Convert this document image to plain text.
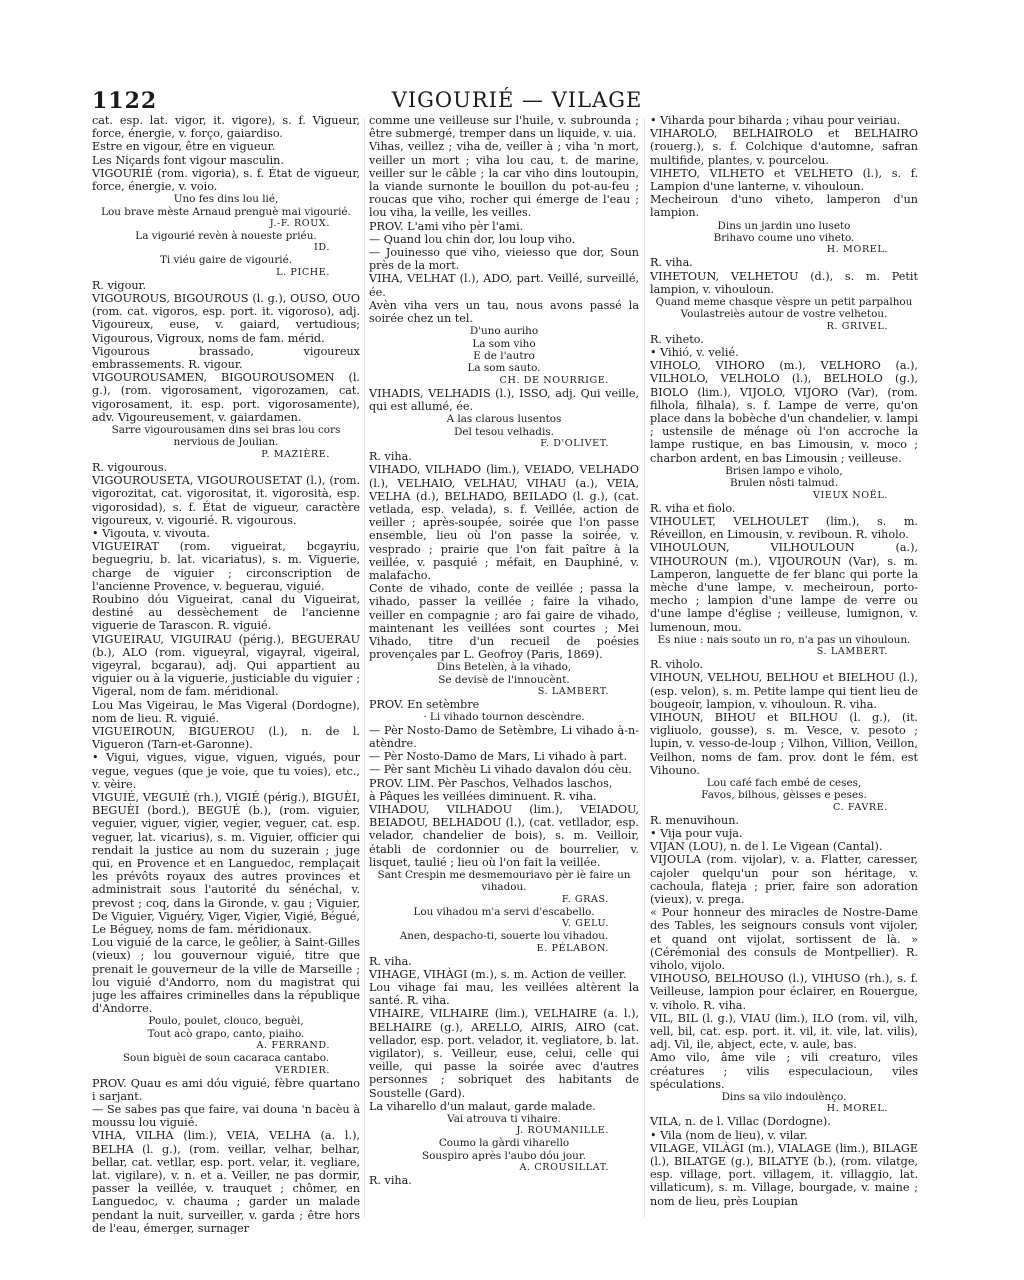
1122	VIGOURIÉ — VILAGE

cat. esp. lat. vigor, it. vigore), s. f. Vigueur, force, énergie, v. forço, gaiardiso.

Estre en vigour, être en vigueur.

Les Niçards font vigour masculin.

VIGOURIÉ (rom. vigoria), s. f. État de vigueur, force, énergie, v. voio.

Uno fes dins lou lié,

Lou brave mèste Arnaud prenguè mai vigourié.

J.-F. ROUX.

La vigourié revèn à noueste priéu.

ID.

Ti viéu gaire de vigourié.

L. PICHE.

R. vigour.

VIGOUROUS, BIGOUROUS (l. g.), OUSO, OUO (rom. cat. vigoros, esp. port. it. vigoroso), adj. Vigoureux, euse, v. gaiard, vertudious; Vigourous, Vigroux, noms de fam. mérid.

Vigourous brassado, vigoureux embrassements. R. vigour.

VIGOUROUSAMEN, BIGOUROUSOMEN (l. g.), (rom. vigorosament, vigorozamen, cat. vigorosament, it. esp. port. vigorosamente), adv. Vigoureusement, v. gaiardamen.

Sarre vigourousamen dins sei bras lou cors nervious de Joulian.

P. MAZIÈRE.

R. vigourous.

VIGOUROUSETA, VIGOUROUSETAT (l.), (rom. vigorozitat, cat. vigorositat, it. vigorosità, esp. vigorosidad), s. f. État de vigueur, caractère vigoureux, v. vigourié. R. vigourous.

• Vigouta, v. vivouta.

VIGUEIRAT (rom. vigueirat, bcgayriu, beguegriu, b. lat. vicariatus), s. m. Viguerie, charge de viguier ; circonscription de l'ancienne Provence, v. beguerau, viguié.

Roubino dóu Vigueirat, canal du Vigueirat, destiné au dessèchement de l'ancienne viguerie de Tarascon. R. viguié.

VIGUEIRAU, VIGUIRAU (périg.), BEGUERAU (b.), ALO (rom. vigueyral, vigayral, vigeiral, vigeyral, bcgarau), adj. Qui appartient au viguier ou à la viguerie, justiciable du viguier ; Vigeral, nom de fam. méridional.

Lou Mas Vigeirau, le Mas Vigeral (Dordogne), nom de lieu. R. viguié.

VIGUEIROUN, BIGUEROU (l.), n. de l. Vigueron (Tarn-et-Garonne).

• Vigui, vigues, vigue, viguen, vigués, pour vegue, vegues (que je voie, que tu voies), etc., v. vèire.

VIGUIÉ, VEGUIÉ (rh.), VIGIÉ (périg.), BIGUÈI, BEGUÈI (bord.), BEGUÉ (b.), (rom. viguier, veguier, viguer, vigier, vegier, veguer, cat. esp. veguer, lat. vicarius), s. m. Viguier, officier qui rendait la justice au nom du suzerain ; juge qui, en Provence et en Languedoc, remplaçait les prévôts royaux des autres provinces et administrait sous l'autorité du sénéchal, v. prevost ; coq, dans la Gironde, v. gau ; Viguier, De Viguier, Viguéry, Viger, Vigier, Vigié, Bégué, Le Béguey, noms de fam. méridionaux.

Lou viguié de la carce, le geôlier, à Saint-Gilles (vieux) ; lou gouvernour viguié, titre que prenait le gouverneur de la ville de Marseille ; lou viguié d'Andorro, nom du magistrat qui juge les affaires criminelles dans la république d'Andorre.

Poulo, poulet, clouco, beguèi,

Tout acò grapo, canto, piaiho.

A. FERRAND.

Soun biguèi de soun cacaraca cantabo.

VERDIER.

PROV. Quau es ami dóu viguié, fèbre quartano i sarjant.

— Se sabes pas que faire, vai douna 'n bacèu à moussu lou viguié.

VIHA, VILHA (lim.), VEIA, VELHA (a. l.), BELHA (l. g.), (rom. veillar, velhar, belhar, bellar, cat. vetllar, esp. port. velar, it. vegliare, lat. vigilare), v. n. et a. Veiller, ne pas dormir, passer la veillée, v. trauquet ; chômer, en Languedoc, v. chauma ; garder un malade pendant la nuit, surveiller, v. gardа ; être hors de l'eau, émerger, surnager

comme une veilleuse sur l'huile, v. subroundа ; être submergé, tremper dans un liquide, v. uia.

Vihas, veillez ; viha de, veiller à ; viha 'n mort, veiller un mort ; viha lou cau, t. de marine, veiller sur le câble ; la car viho dins loutoupin, la viande surnonte le bouillon du pot-au-feu ; roucas que viho, rocher qui émerge de l'eau ; lou viha, la veille, les veilles.

PROV. L'ami viho pèr l'ami.

— Quand lou chin dor, lou loup viho.

— Jouinesso que viho, vieiesso que dor, Soun près de la mort.

VIHA, VELHAT (l.), ADO, part. Veillé, surveillé, ée.

Avèn viha vers un tau, nous avons passé la soirée chez un tel.

D'uno auriho

La som viho

E de l'autro

La som sauto.

CH. DE NOURRIGE.

VIHADIS, VELHADIS (l.), ISSO, adj. Qui veille, qui est allumé, ée.

A las clarous lusentos

Del tesou velhadis.

F. D'OLIVET.

R. viha.

VIHADO, VILHADO (lim.), VEIADO, VELHADO (l.), VELHAIO, VELHAU, VIHAU (a.), VEIA, VELHA (d.), BELHADO, BEILADO (l. g.), (cat. vetlada, esp. velada), s. f. Veillée, action de veiller ; après-soupée, soirée que l'on passe ensemble, lieu où l'on passe la soirée, v. vesprado ; prairie que l'on fait paître à la veillée, v. pasquié ; méfait, en Dauphiné, v. malafacho.

Conte de vihado, conte de veillée ; passa la vihado, passer la veillée ; faire la vihado, veiller en compagnie ; aro fai gaire de vihado, maintenant les veillées sont courtes ; Mei Vihado, titre d'un recueil de poésies provençales par L. Geofroy (Paris, 1869).

Dins Betelèn, à la vihado,

Se devisè de l'innoucènt.

S. LAMBERT.

PROV. En setèmbre

· Li vihado tournon descèndre.

— Pèr Nosto-Damo de Setèmbre, Li vihado à-n-atèndre.

— Pèr Nosto-Damo de Mars, Li vihado à part.

— Pèr sant Michèu Li vihado davalon dóu cèu.

PROV. LIM. Pèr Paschos, Velhados laschos,

à Pâques les veillées diminuent. R. viha.

VIHADOU, VILHADOU (lim.), VEIADOU, BEIADOU, BELHADOU (l.), (cat. vetllador, esp. velador, chandelier de bois), s. m. Veilloir, établi de cordonnier ou de bourrelier, v. lisquet, taulié ; lieu où l'on fait la veillée.

Sant Crespin me desmemouriavo pèr iè faire un vihadou.

F. GRAS.

Lou vihadou m'a servi d'escabello.

V. GELU.

Anen, despacho-ti, souerte lou vihadou.

E. PÉLABON.

R. viha.

VIHAGE, VIHÀGI (m.), s. m. Action de veiller.

Lou vihage fai mau, les veillées altèrent la santé. R. viha.

VIHAIRE, VILHAIRE (lim.), VELHAIRE (a. l.), BELHAIRE (g.), ARELLO, AIRIS, AIRO (cat. vellador, esp. port. velador, it. vegliatore, b. lat. vigilator), s. Veilleur, euse, celui, celle qui veille, qui passe la soirée avec d'autres personnes ; sobriquet des habitants de Soustelle (Gard).

La viharello d'un malaut, garde malade.

Vai atrouva ti vihaire.

J. ROUMANILLE.

Coumo la gàrdi viharello

Souspiro après l'aubo dóu jour.

A. CROUSILLAT.

R. viha.

• Viharda pour biharda ; vihau pour veiriau.

VIHAROLO, BELHAIROLO et BELHAIRO (rouerg.), s. f. Colchique d'automne, safran multifide, plantes, v. pourcelou.

VIHETO, VILHETO et VELHETO (l.), s. f. Lampion d'une lanterne, v. vihouloun.

Mecheiroun d'uno viheto, lamperon d'un lampion.

Dins un jardin uno luseto

Brihavo coume uno viheto.

H. MOREL.

R. viha.

VIHETOUN, VELHETOU (d.), s. m. Petit lampion, v. vihouloun.

Quand meme chasque vèspre un petit parpalhou Voulastreiès autour de vostre velhetou.

R. GRIVEL.

R. viheto.

• Vihió, v. velié.

VIHOLO, VIHORO (m.), VELHORO (a.), VILHOLO, VELHOLO (l.), BELHOLO (g.), BIOLO (lim.), VIJOLO, VIJORO (Var), (rom. filhola, filhala), s. f. Lampe de verre, qu'on place dans la bobèche d'un chandelier, v. lampi ; ustensile de ménage où l'on accroche la lampe rustique, en bas Limousin, v. moco ; charbon ardent, en bas Limousin ; veilleuse.

Brisen lampo e viholo,

Brulen nôsti talmud.

VIEUX NOËL.

R. viha et fiolo.

VIHOULET, VELHOULET (lim.), s. m. Réveillon, en Limousin, v. reviboun. R. viholo.

VIHOULOUN, VILHOULOUN (a.), VIHOUROUN (m.), VIJOUROUN (Var), s. m. Lamperon, languette de fer blanc qui porte la mèche d'une lampe, v. mecheiroun, porto-mecho ; lampion d'une lampe de verre ou d'une lampe d'église ; veilleuse, lumignon, v. lumenoun, mou.

Es niue : nais souto un ro, n'a pas un vihouloun.

S. LAMBERT.

R. viholo.

VIHOUN, VELHOU, BELHOU et BIELHOU (l.), (esp. velon), s. m. Petite lampe qui tient lieu de bougeoir, lampion, v. vihouloun. R. viha.

VIHOUN, BIHOU et BILHOU (l. g.), (it. vigliuolo, gousse), s. m. Vesce, v. pesoto ; lupin, v. vesso-de-loup ; Vilhon, Villion, Veillon, Veilhon, noms de fam. prov. dont le fém. est Vihouno.

Lou café fach embé de ceses,

Favos, bilhous, gèisses e peses.

C. FAVRE.

R. menuvihoun.

• Vija pour vuja.

VIJAN (LOU), n. de l. Le Vigean (Cantal).

VIJOULA (rom. vijolar), v. a. Flatter, caresser, cajoler quelqu'un pour son héritage, v. cachoula, flateja ; prier, faire son adoration (vieux), v. prega.

« Pour honneur des miracles de Nostre-Dame des Tables, les seignours consuls vont vijoler, et quand ont vijolat, sortissent de là. » (Cérémonial des consuls de Montpellier). R. viholo, vijolo.

VIHOUSO, BELHOUSO (l.), VIHUSO (rh.), s. f. Veilleuse, lampion pour éclairer, en Rouergue, v. viholo. R. viha.

VIL, BIL (l. g.), VIAU (lim.), ILO (rom. vil, vilh, vell, bil, cat. esp. port. it. vil, it. vile, lat. vilis), adj. Vil, ile, abject, ecte, v. aule, bas.

Amo vilo, âme vile ; vili creaturo, viles créatures ; vilis especulacioun, viles spéculations.

Dins sa vilo indoulènço.

H. MOREL.

VILA, n. de l. Villac (Dordogne).

• Vila (nom de lieu), v. vilar.

VILAGE, VILÀGI (m.), VIALAGE (lim.), BILAGE (l.), BILATGE (g.), BILATYE (b.), (rom. vilatge, esp. village, port. villagem, it. villaggio, lat. villaticum), s. m. Village, bourgade, v. maine ; nom de lieu, près Loupian
